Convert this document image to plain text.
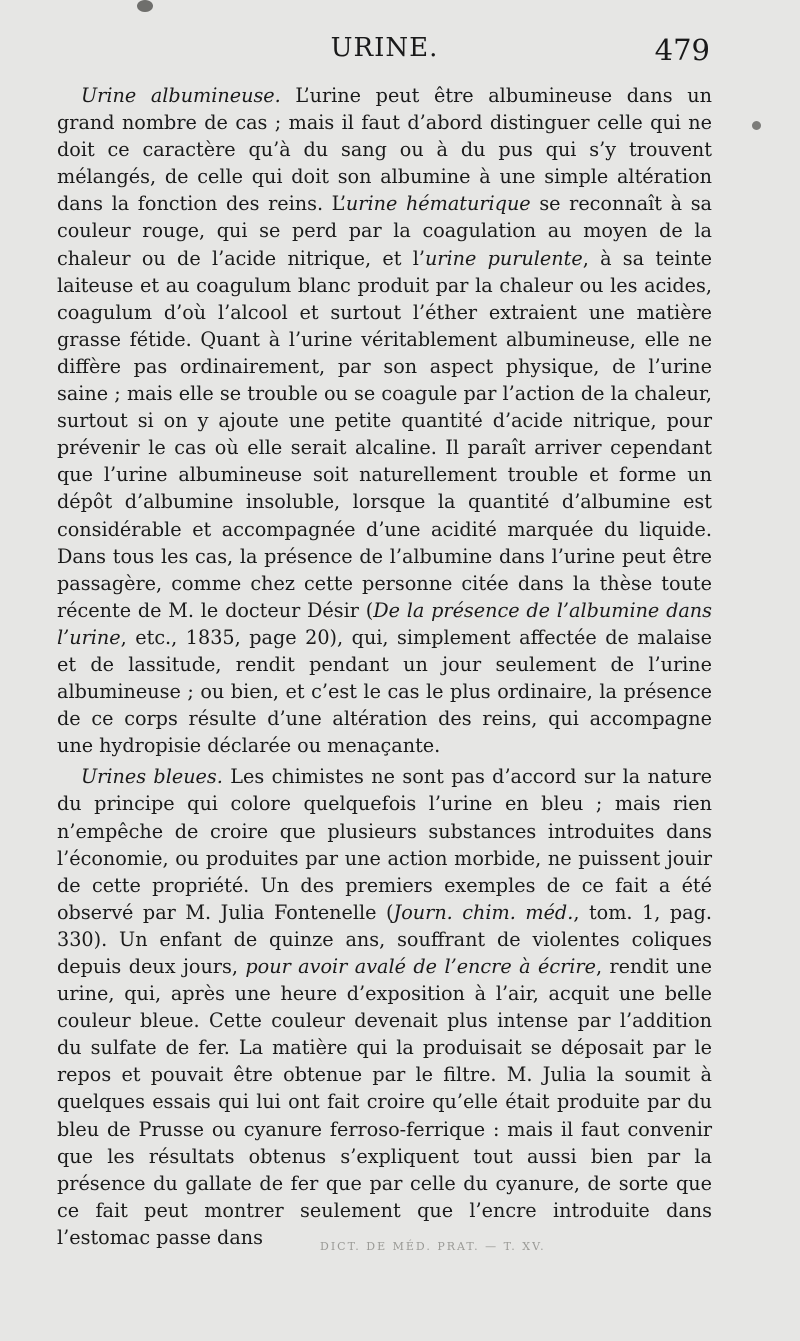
URINE.	479

Urine albumineuse. L’urine peut être albumineuse dans un grand nombre de cas ; mais il faut d’abord distinguer celle qui ne doit ce caractère qu’à du sang ou à du pus qui s’y trouvent mélangés, de celle qui doit son albumine à une simple altération dans la fonction des reins. L’urine hématurique se reconnaît à sa couleur rouge, qui se perd par la coagulation au moyen de la chaleur ou de l’acide nitrique, et l’urine purulente, à sa teinte laiteuse et au coagulum blanc produit par la chaleur ou les acides, coagulum d’où l’alcool et surtout l’éther extraient une matière grasse fétide. Quant à l’urine véritablement albumineuse, elle ne diffère pas ordinairement, par son aspect physique, de l’urine saine ; mais elle se trouble ou se coagule par l’action de la chaleur, surtout si on y ajoute une petite quantité d’acide nitrique, pour prévenir le cas où elle serait alcaline. Il paraît arriver cependant que l’urine albumineuse soit naturellement trouble et forme un dépôt d’albumine insoluble, lorsque la quantité d’albumine est considérable et accompagnée d’une acidité marquée du liquide. Dans tous les cas, la présence de l’albumine dans l’urine peut être passagère, comme chez cette personne citée dans la thèse toute récente de M. le docteur Désir (De la présence de l’albumine dans l’urine, etc., 1835, page 20), qui, simplement affectée de malaise et de lassitude, rendit pendant un jour seulement de l’urine albumineuse ; ou bien, et c’est le cas le plus ordinaire, la présence de ce corps résulte d’une altération des reins, qui accompagne une hydropisie déclarée ou menaçante.

Urines bleues. Les chimistes ne sont pas d’accord sur la nature du principe qui colore quelquefois l’urine en bleu ; mais rien n’empêche de croire que plusieurs substances introduites dans l’économie, ou produites par une action morbide, ne puissent jouir de cette propriété. Un des premiers exemples de ce fait a été observé par M. Julia Fontenelle (Journ. chim. méd., tom. 1, pag. 330). Un enfant de quinze ans, souffrant de violentes coliques depuis deux jours, pour avoir avalé de l’encre à écrire, rendit une urine, qui, après une heure d’exposition à l’air, acquit une belle couleur bleue. Cette couleur devenait plus intense par l’addition du sulfate de fer. La matière qui la produisait se déposait par le repos et pouvait être obtenue par le filtre. M. Julia la soumit à quelques essais qui lui ont fait croire qu’elle était produite par du bleu de Prusse ou cyanure ferroso-ferrique : mais il faut convenir que les résultats obtenus s’expliquent tout aussi bien par la présence du gallate de fer que par celle du cyanure, de sorte que ce fait peut montrer seulement que l’encre introduite dans l’estomac passe dans	DICT. DE MÉD. PRAT. — T. XV.
